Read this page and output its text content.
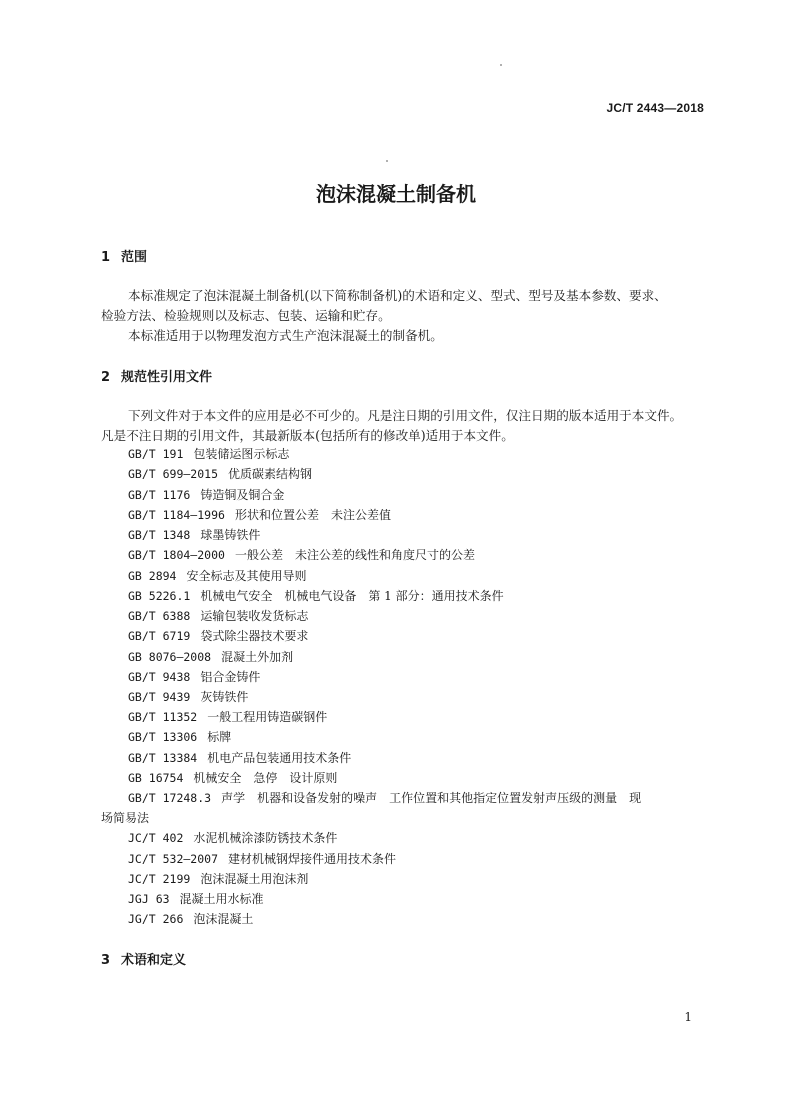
JC/T 2443—2018
泡沫混凝土制备机
1 范围
本标准规定了泡沫混凝土制备机(以下简称制备机)的术语和定义、型式、型号及基本参数、要求、
检验方法、检验规则以及标志、包装、运输和贮存。
本标准适用于以物理发泡方式生产泡沫混凝土的制备机。
2 规范性引用文件
下列文件对于本文件的应用是必不可少的。凡是注日期的引用文件，仅注日期的版本适用于本文件。
凡是不注日期的引用文件，其最新版本(包括所有的修改单)适用于本文件。
GB/T 191 包装储运图示标志
GB/T 699—2015 优质碳素结构钢
GB/T 1176 铸造铜及铜合金
GB/T 1184—1996 形状和位置公差　未注公差值
GB/T 1348 球墨铸铁件
GB/T 1804—2000 一般公差　未注公差的线性和角度尺寸的公差
GB 2894 安全标志及其使用导则
GB 5226.1 机械电气安全　机械电气设备　第 1 部分：通用技术条件
GB/T 6388 运输包装收发货标志
GB/T 6719 袋式除尘器技术要求
GB 8076—2008 混凝土外加剂
GB/T 9438 铝合金铸件
GB/T 9439 灰铸铁件
GB/T 11352 一般工程用铸造碳钢件
GB/T 13306 标牌
GB/T 13384 机电产品包装通用技术条件
GB 16754 机械安全　急停　设计原则
GB/T 17248.3 声学　机器和设备发射的噪声　工作位置和其他指定位置发射声压级的测量　现
JC/T 402 水泥机械涂漆防锈技术条件
JC/T 532—2007 建材机械钢焊接件通用技术条件
JC/T 2199 泡沫混凝土用泡沫剂
JGJ 63 混凝土用水标准
JG/T 266 泡沫混凝土
场简易法
3 术语和定义
1
